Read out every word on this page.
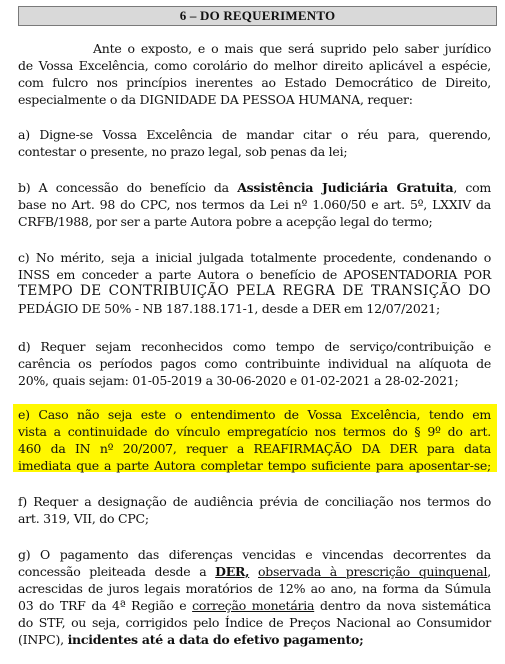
6 – DO REQUERIMENTO

Ante o exposto, e o mais que será suprido pelo saber jurídico
de Vossa Excelência, como corolário do melhor direito aplicável a espécie,
com fulcro nos princípios inerentes ao Estado Democrático de Direito,
especialmente o da DIGNIDADE DA PESSOA HUMANA, requer:

a) Digne-se Vossa Excelência de mandar citar o réu para, querendo,
contestar o presente, no prazo legal, sob penas da lei;

b) A concessão do benefício da Assistência Judiciária Gratuita, com
base no Art. 98 do CPC, nos termos da Lei nº 1.060/50 e art. 5º, LXXIV da
CRFB/1988, por ser a parte Autora pobre a acepção legal do termo;

c) No mérito, seja a inicial julgada totalmente procedente, condenando o
INSS em conceder a parte Autora o benefício de APOSENTADORIA POR
TEMPO DE CONTRIBUIÇÃO PELA REGRA DE TRANSIÇÃO DO
PEDÁGIO DE 50% - NB 187.188.171-1, desde a DER em 12/07/2021;

d) Requer sejam reconhecidos como tempo de serviço/contribuição e
carência os períodos pagos como contribuinte individual na alíquota de
20%, quais sejam: 01-05-2019 a 30-06-2020 e 01-02-2021 a 28-02-2021;

e) Caso não seja este o entendimento de Vossa Excelência, tendo em
vista a continuidade do vínculo empregatício nos termos do § 9º do art.
460 da IN nº 20/2007, requer a REAFIRMAÇÃO DA DER para data
imediata que a parte Autora completar tempo suficiente para aposentar-se;

f) Requer a designação de audiência prévia de conciliação nos termos do
art. 319, VII, do CPC;

g) O pagamento das diferenças vencidas e vincendas decorrentes da
concessão pleiteada desde a DER, observada à prescrição quinquenal,
acrescidas de juros legais moratórios de 12% ao ano, na forma da Súmula
03 do TRF da 4ª Região e correção monetária dentro da nova sistemática
do STF, ou seja, corrigidos pelo Índice de Preços Nacional ao Consumidor
(INPC), incidentes até a data do efetivo pagamento;
